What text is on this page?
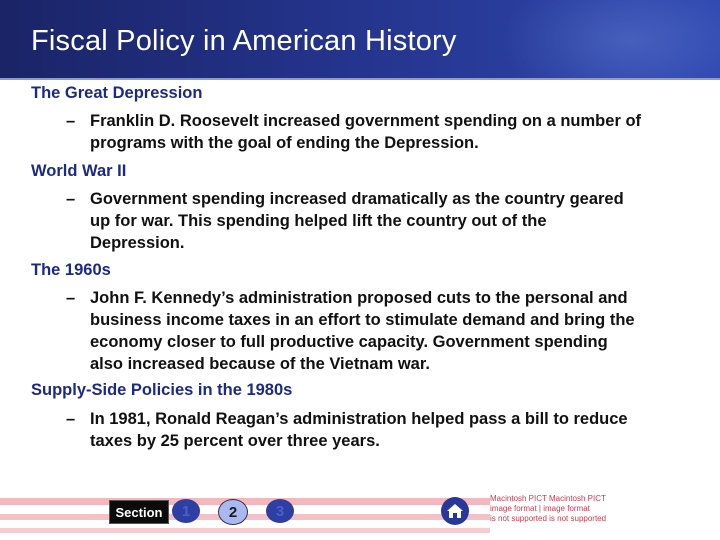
Fiscal Policy in American History

The Great Depression

– Franklin D. Roosevelt increased government spending on a number of
programs with the goal of ending the Depression.

World War II

– Government spending increased dramatically as the country geared
up for war. This spending helped lift the country out of the
Depression.

The 1960s

– John F. Kennedy’s administration proposed cuts to the personal and
business income taxes in an effort to stimulate demand and bring the
economy closer to full productive capacity. Government spending
also increased because of the Vietnam war.

Supply-Side Policies in the 1980s

– In 1981, Ronald Reagan’s administration helped pass a bill to reduce
taxes by 25 percent over three years.
Section	1	2	3
Macintosh PICT Macintosh PICT
image format | image format
is not supported is not supported
